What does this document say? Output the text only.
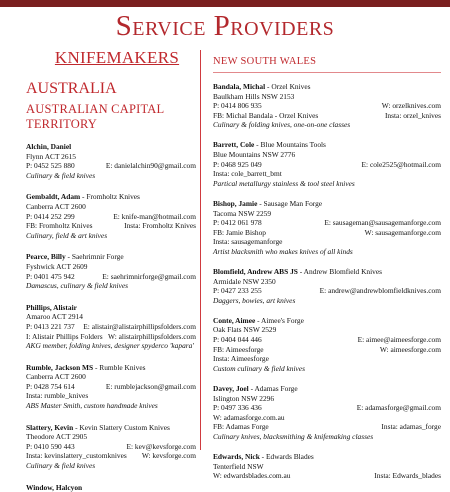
Service Providers
KNIFEMAKERS
AUSTRALIA
AUSTRALIAN CAPITAL TERRITORY
Alchin, Daniel
Flynn ACT 2615
P: 0452 525 880	E: danielalchin90@gmail.com
Culinary & field knives
Gembaldt, Adam - Fromholtz Knives
Canberra ACT 2600
P: 0414 252 299	E: knife-man@hotmail.com
FB: Fromholtz Knives	Insta: Fromholtz Knives
Culinary, field & art knives
Pearce, Billy - Saehrimnir Forge
Fyshwick ACT 2609
P: 0401 475 942	E: saehrimnirforge@gmail.com
Damascus, culinary & field knives
Phillips, Alistair
Amaroo ACT 2914
P: 0413 221 737 E: alistair@alistairphillipsfolders.com
I: Alistair Phillips Folders W: alistairphillipsfolders.com
AKG member, folding knives, designer spyderco 'kapara'
Rumble, Jackson MS - Rumble Knives
Canberra ACT 2600
P: 0428 754 614	E: rumblejackson@gmail.com
Insta: rumble_knives
ABS Master Smith, custom handmade knives
Slattery, Kevin - Kevin Slattery Custom Knives
Theodore ACT 2905
P: 0410 590 443	E: kev@kevsforge.com
Insta: kevinslattery_customknives W: kevsforge.com
Culinary & field knives
Window, Halcyon
NEW SOUTH WALES
Bandala, Michal - Orzel Knives
Baulkham Hills NSW 2153
P: 0414 806 935	W: orzelknives.com
FB: Michal Bandala - Orzel Knives	Insta: orzel_knives
Culinary & folding knives, one-on-one classes
Barrett, Cole - Blue Mountains Tools
Blue Mountains NSW 2776
P: 0468 925 049	E: cole2525@hotmail.com
Insta: cole_barrett_bmt
Partical metallurgy stainless & tool steel knives
Bishop, Jamie - Sausage Man Forge
Tacoma NSW 2259
P: 0412 061 978	E: sausageman@sausagemanforge.com
FB: Jamie Bishop	W: sausagemanforge.com
Insta: sausagemanforge
Artist blacksmith who makes knives of all kinds
Blomfield, Andrew ABS JS - Andrew Blomfield Knives
Armidale NSW 2350
P: 0427 233 255	E: andrew@andrewblomfieldknives.com
Daggers, bowies, art knives
Conte, Aimee - Aimee's Forge
Oak Flats NSW 2529
P: 0404 044 446	E: aimee@aimeesforge.com
FB: Aimeesforge	W: aimeesforge.com
Insta: Aimeesforge
Custom culinary & field knives
Davey, Joel - Adamas Forge
Islington NSW 2296
P: 0497 336 436	E: adamasforge@gmail.com
W: adamasforge.com.au
FB: Adamas Forge	Insta: adamas_forge
Culinary knives, blacksmithing & knifemaking classes
Edwards, Nick - Edwards Blades
Tenterfield NSW
W: edwardsblades.com.au	Insta: Edwards_blades
